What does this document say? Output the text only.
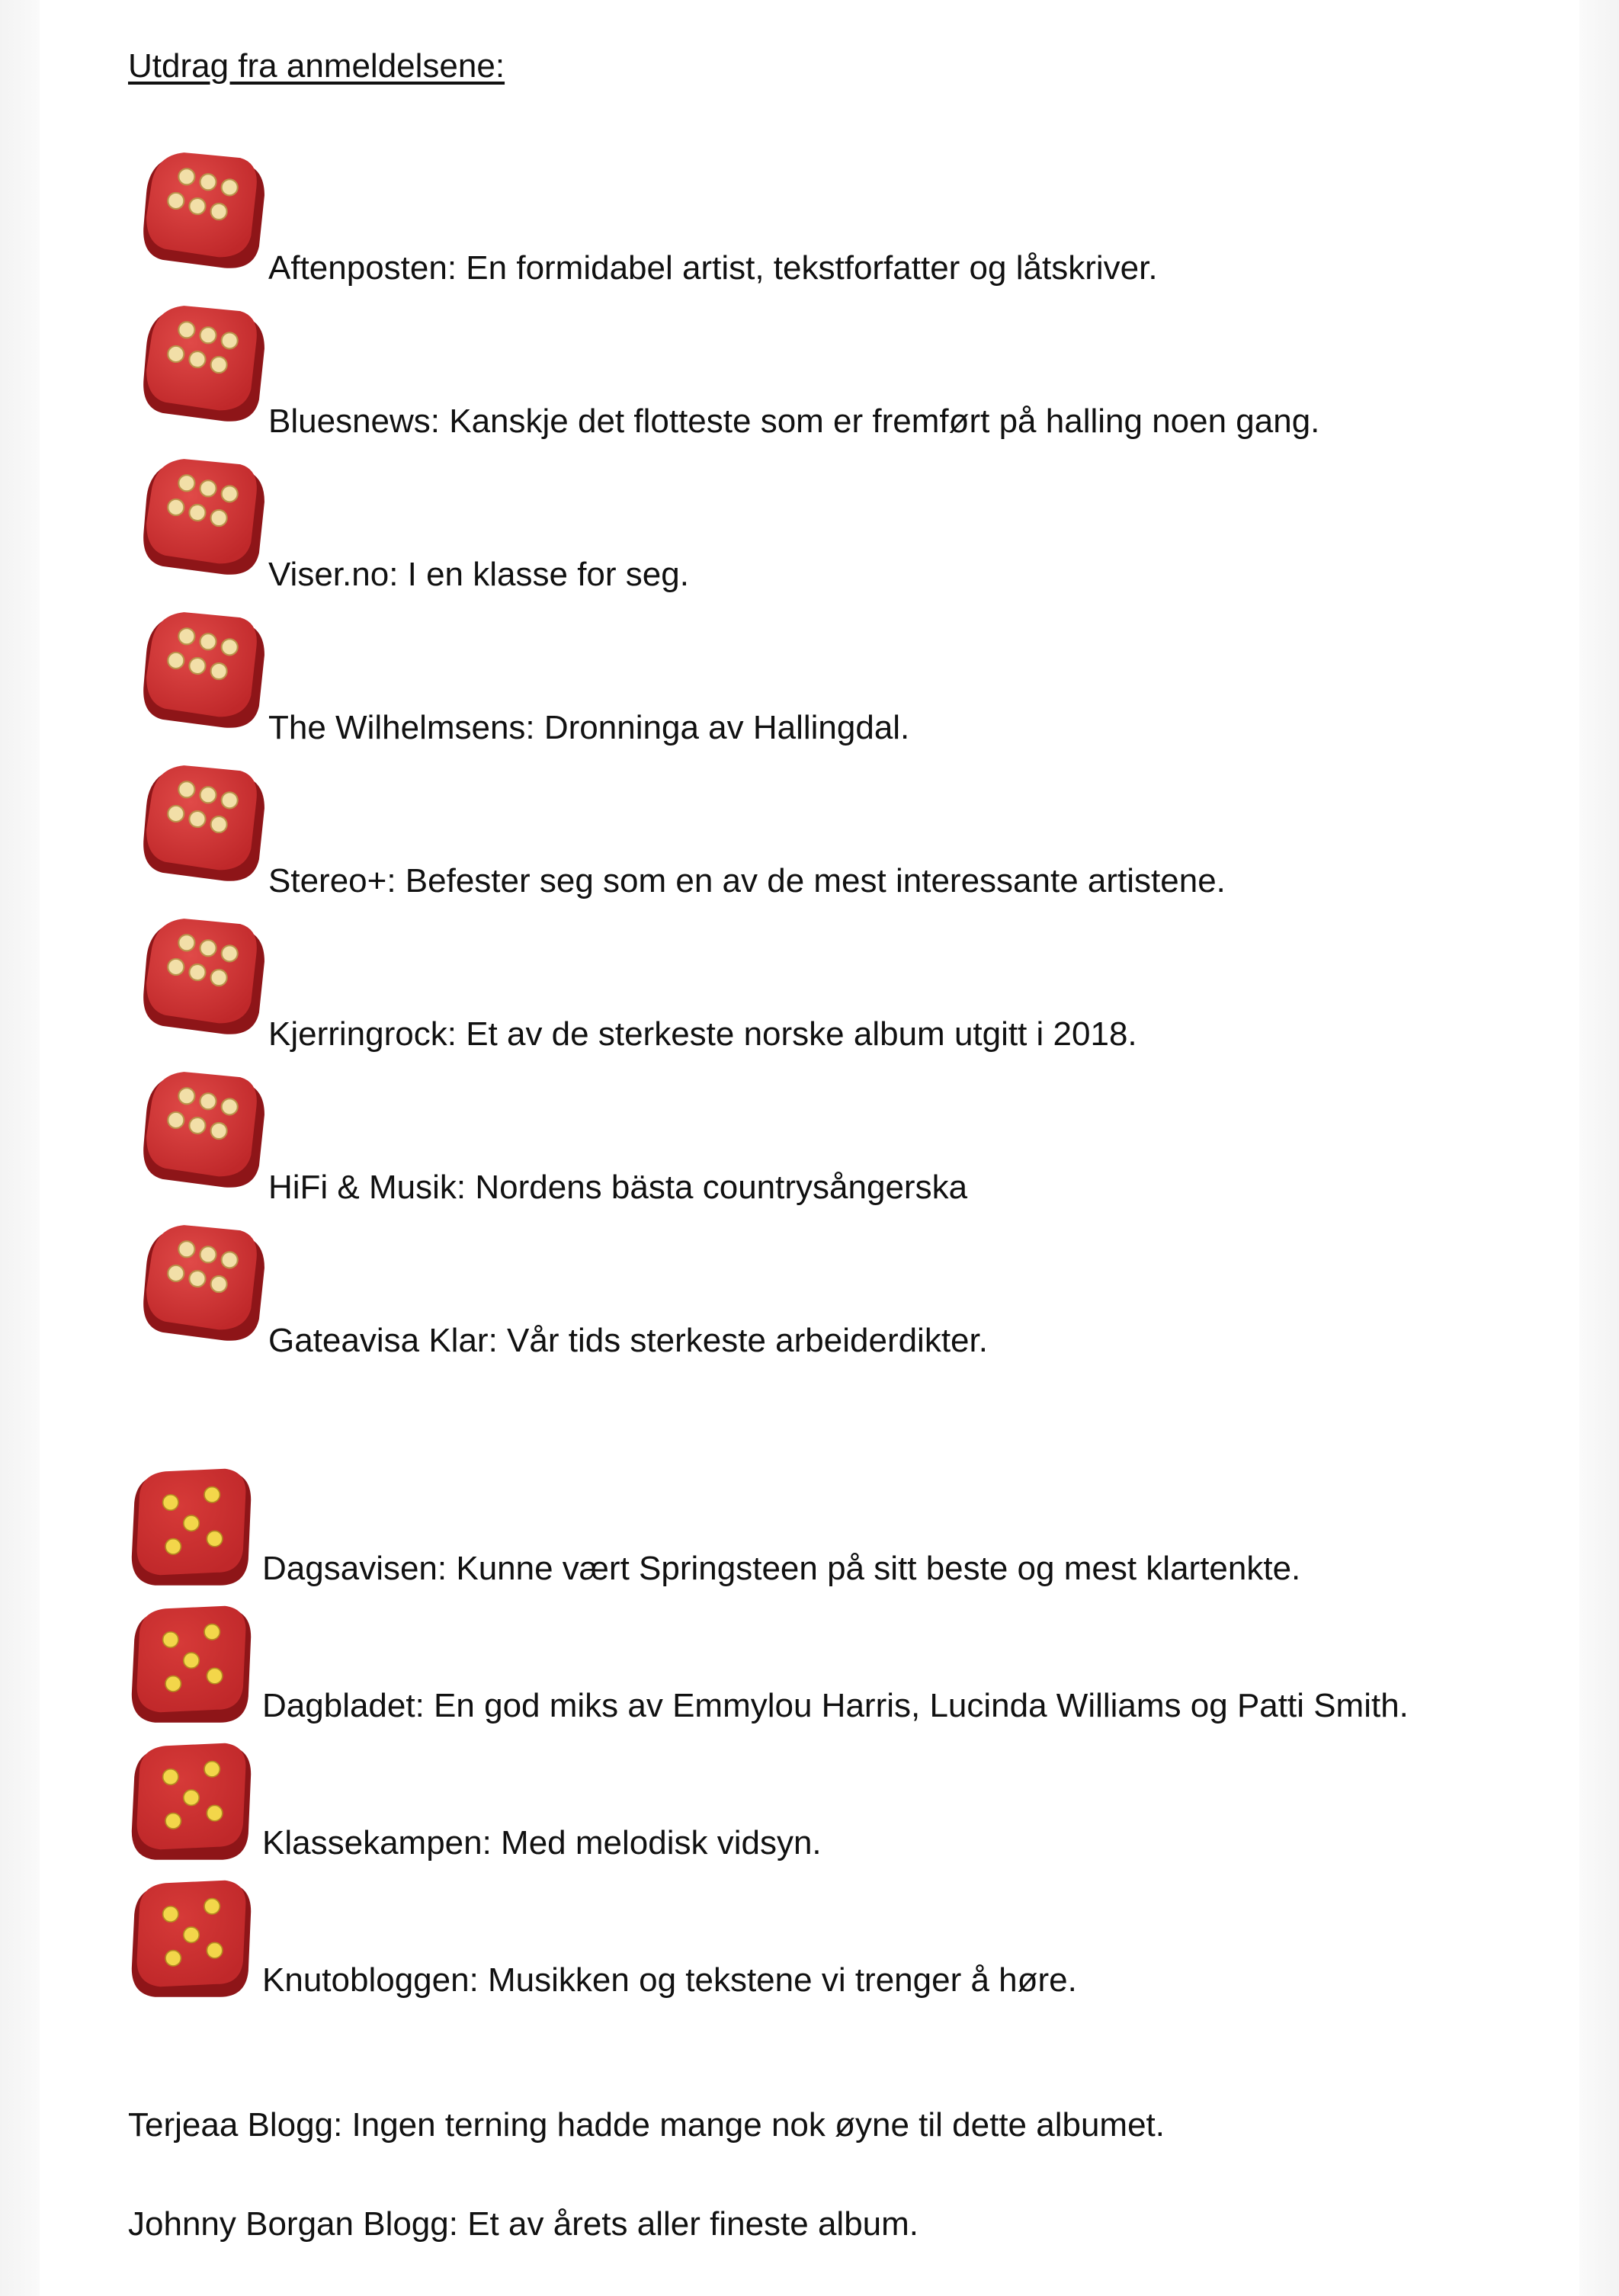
Utdrag fra anmeldelsene:
Aftenposten: En formidabel artist, tekstforfatter og låtskriver.
Bluesnews: Kanskje det flotteste som er fremført på halling noen gang.
Viser.no: I en klasse for seg.
The Wilhelmsens: Dronninga av Hallingdal.
Stereo+: Befester seg som en av de mest interessante artistene.
Kjerringrock: Et av de sterkeste norske album utgitt i 2018.
HiFi & Musik: Nordens bästa countrysångerska
Gateavisa Klar: Vår tids sterkeste arbeiderdikter.
Dagsavisen: Kunne vært Springsteen på sitt beste og mest klartenkte.
Dagbladet: En god miks av Emmylou Harris, Lucinda Williams og Patti Smith.
Klassekampen: Med melodisk vidsyn.
Knutobloggen: Musikken og tekstene vi trenger å høre.
Terjeaa Blogg: Ingen terning hadde mange nok øyne til dette albumet.
Johnny Borgan Blogg: Et av årets aller fineste album.
